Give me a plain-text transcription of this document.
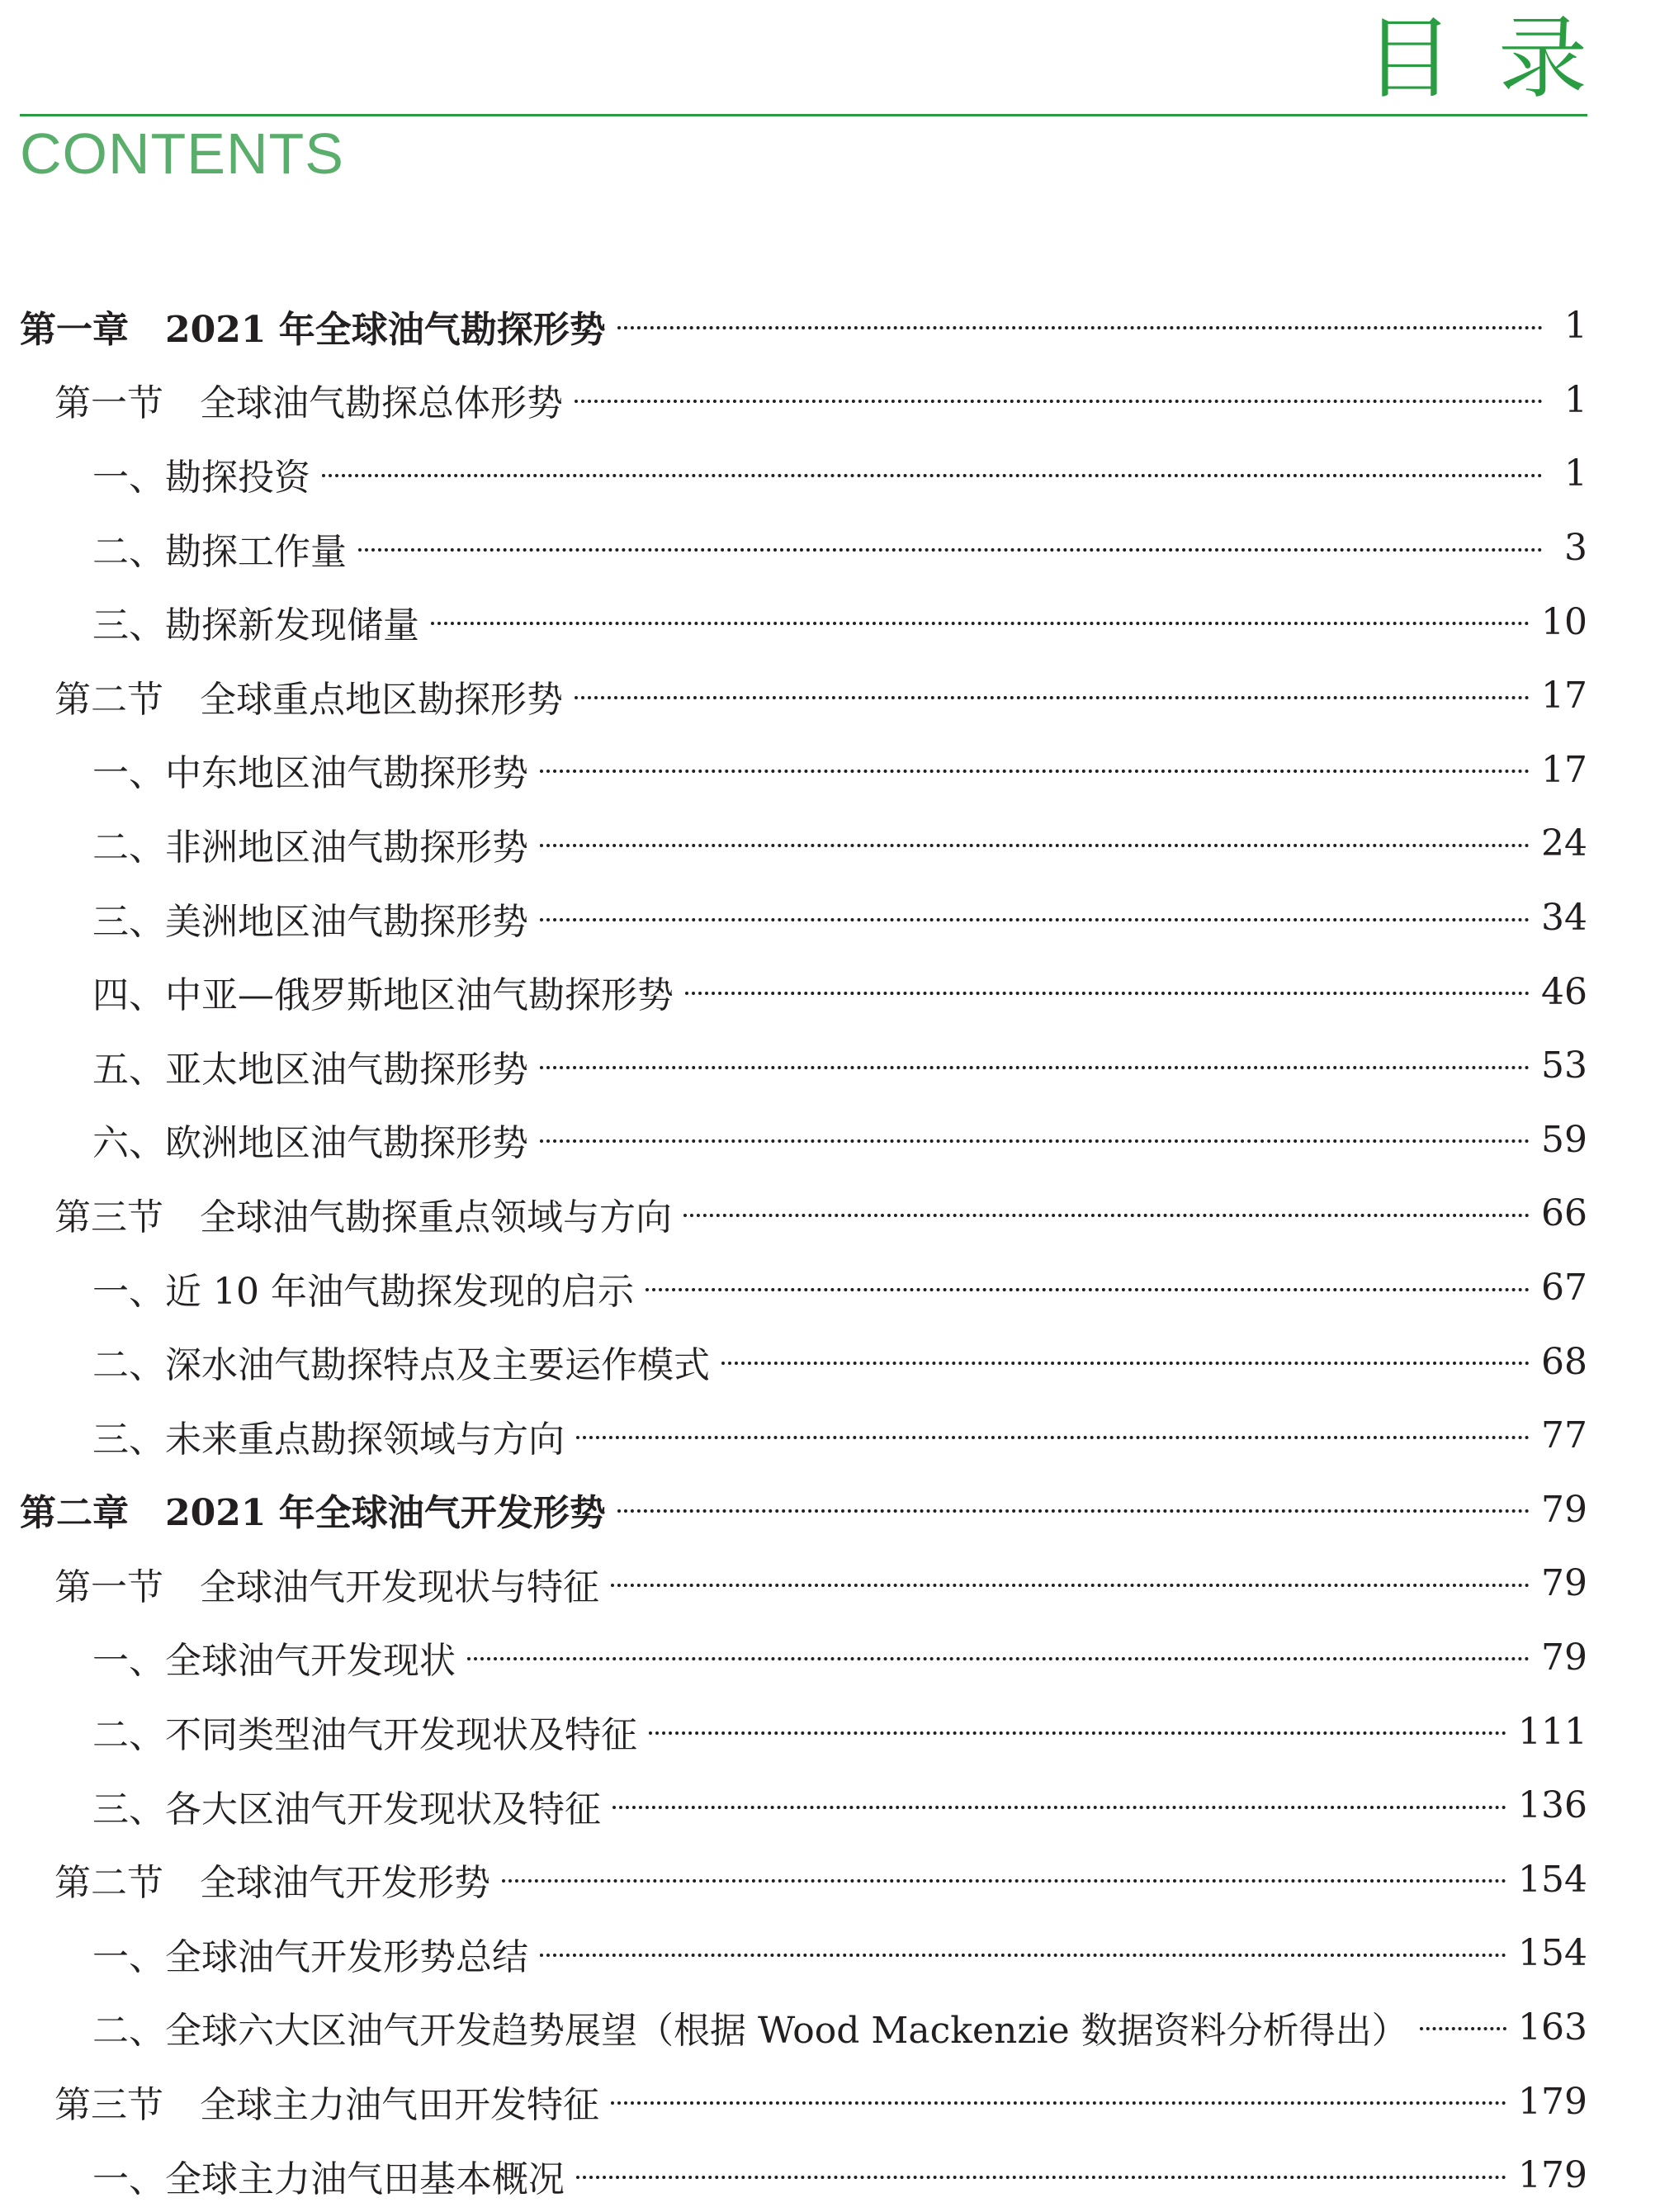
目录
CONTENTS
第一章　2021 年全球油气勘探形势	1
第一节　全球油气勘探总体形势	1
一、勘探投资	1
二、勘探工作量	3
三、勘探新发现储量	10
第二节　全球重点地区勘探形势	17
一、中东地区油气勘探形势	17
二、非洲地区油气勘探形势	24
三、美洲地区油气勘探形势	34
四、中亚—俄罗斯地区油气勘探形势	46
五、亚太地区油气勘探形势	53
六、欧洲地区油气勘探形势	59
第三节　全球油气勘探重点领域与方向	66
一、近 10 年油气勘探发现的启示	67
二、深水油气勘探特点及主要运作模式	68
三、未来重点勘探领域与方向	77
第二章　2021 年全球油气开发形势	79
第一节　全球油气开发现状与特征	79
一、全球油气开发现状	79
二、不同类型油气开发现状及特征	111
三、各大区油气开发现状及特征	136
第二节　全球油气开发形势	154
一、全球油气开发形势总结	154
二、全球六大区油气开发趋势展望（根据 Wood Mackenzie 数据资料分析得出）	163
第三节　全球主力油气田开发特征	179
一、全球主力油气田基本概况	179
